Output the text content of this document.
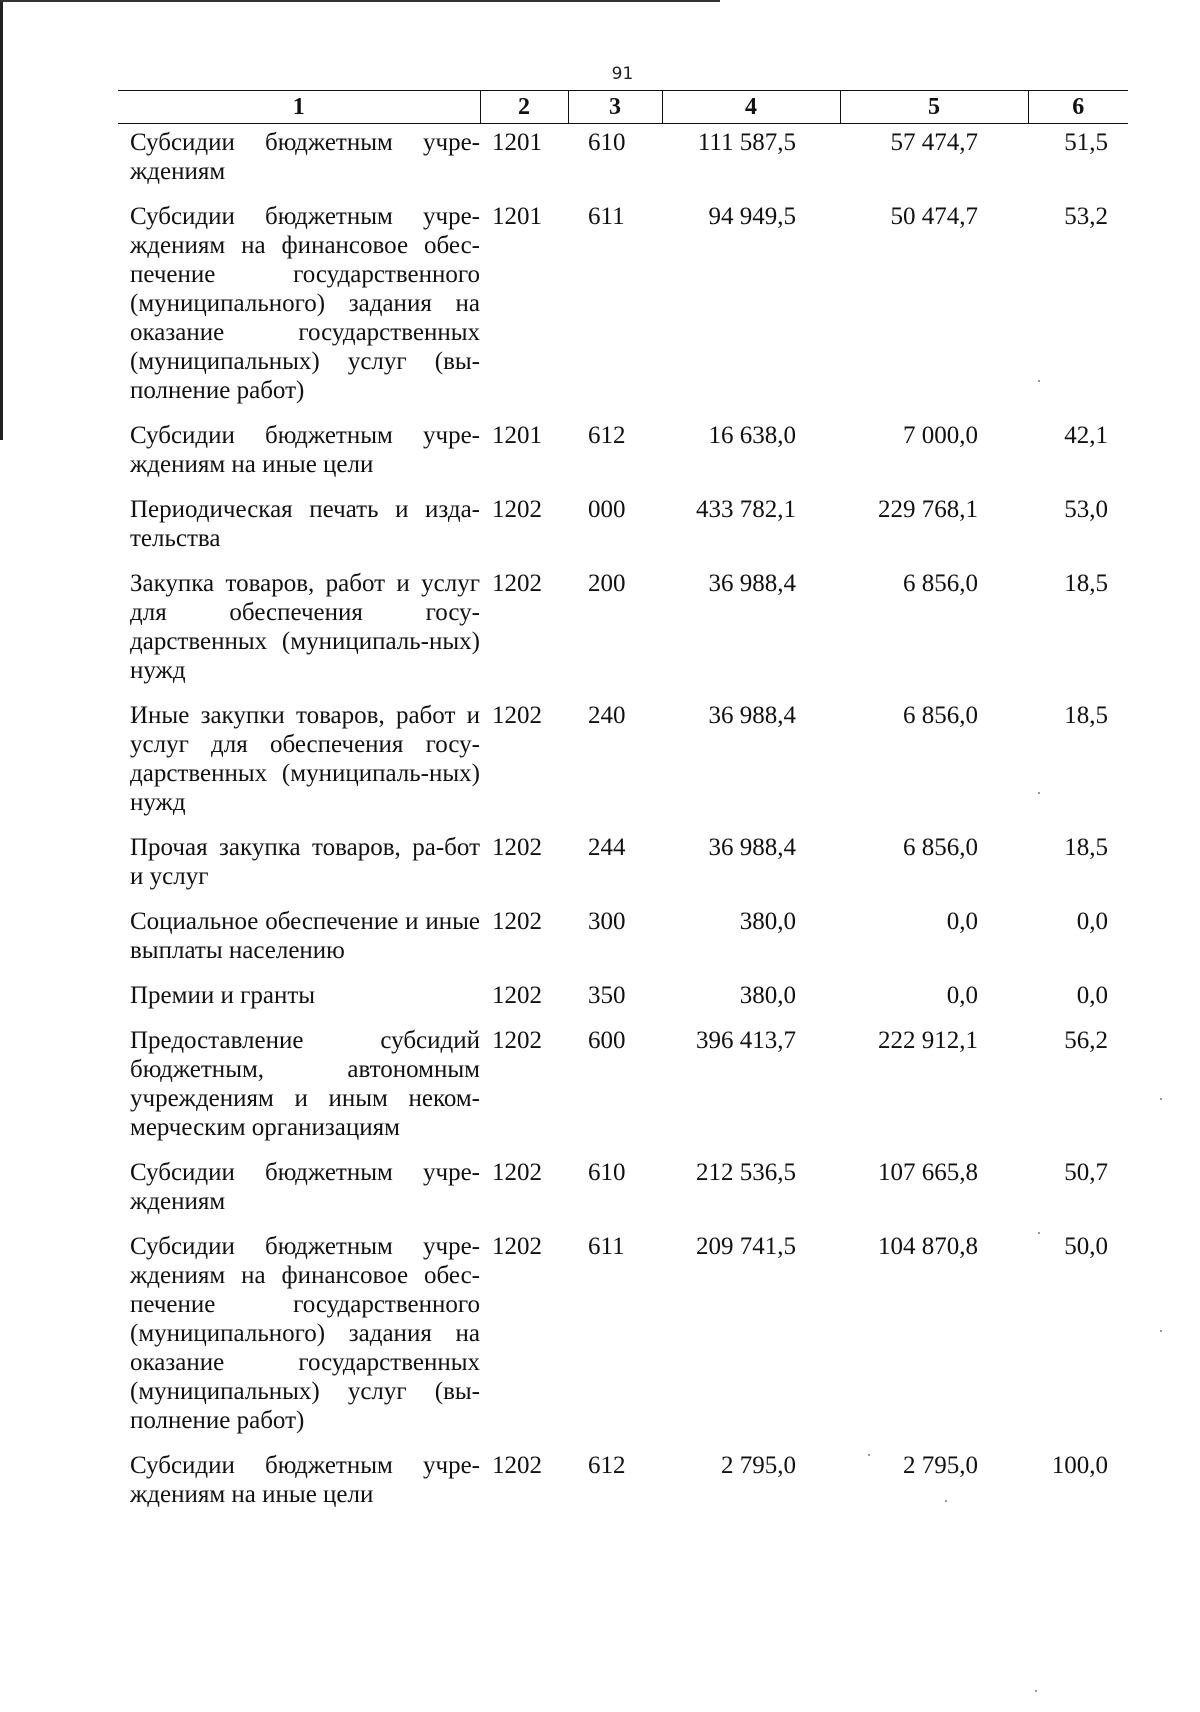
91
1	2	3	4	5	6
Субсидии бюджетным учре-ждениям	1201	610	111 587,5	57 474,7	51,5
Субсидии бюджетным учре-ждениям на финансовое обес-печение государственного (муниципального) задания на оказание государственных (муниципальных) услуг (вы-полнение работ)	1201	611	94 949,5	50 474,7	53,2
Субсидии бюджетным учре-ждениям на иные цели	1201	612	16 638,0	7 000,0	42,1
Периодическая печать и изда-тельства	1202	000	433 782,1	229 768,1	53,0
Закупка товаров, работ и услуг для обеспечения госу-дарственных (муниципаль-ных) нужд	1202	200	36 988,4	6 856,0	18,5
Иные закупки товаров, работ и услуг для обеспечения госу-дарственных (муниципаль-ных) нужд	1202	240	36 988,4	6 856,0	18,5
Прочая закупка товаров, ра-бот и услуг	1202	244	36 988,4	6 856,0	18,5
Социальное обеспечение и иные выплаты населению	1202	300	380,0	0,0	0,0
Премии и гранты	1202	350	380,0	0,0	0,0
Предоставление субсидий бюджетным, автономным учреждениям и иным неком-мерческим организациям	1202	600	396 413,7	222 912,1	56,2
Субсидии бюджетным учре-ждениям	1202	610	212 536,5	107 665,8	50,7
Субсидии бюджетным учре-ждениям на финансовое обес-печение государственного (муниципального) задания на оказание государственных (муниципальных) услуг (вы-полнение работ)	1202	611	209 741,5	104 870,8	50,0
Субсидии бюджетным учре-ждениям на иные цели	1202	612	2 795,0	2 795,0	100,0
